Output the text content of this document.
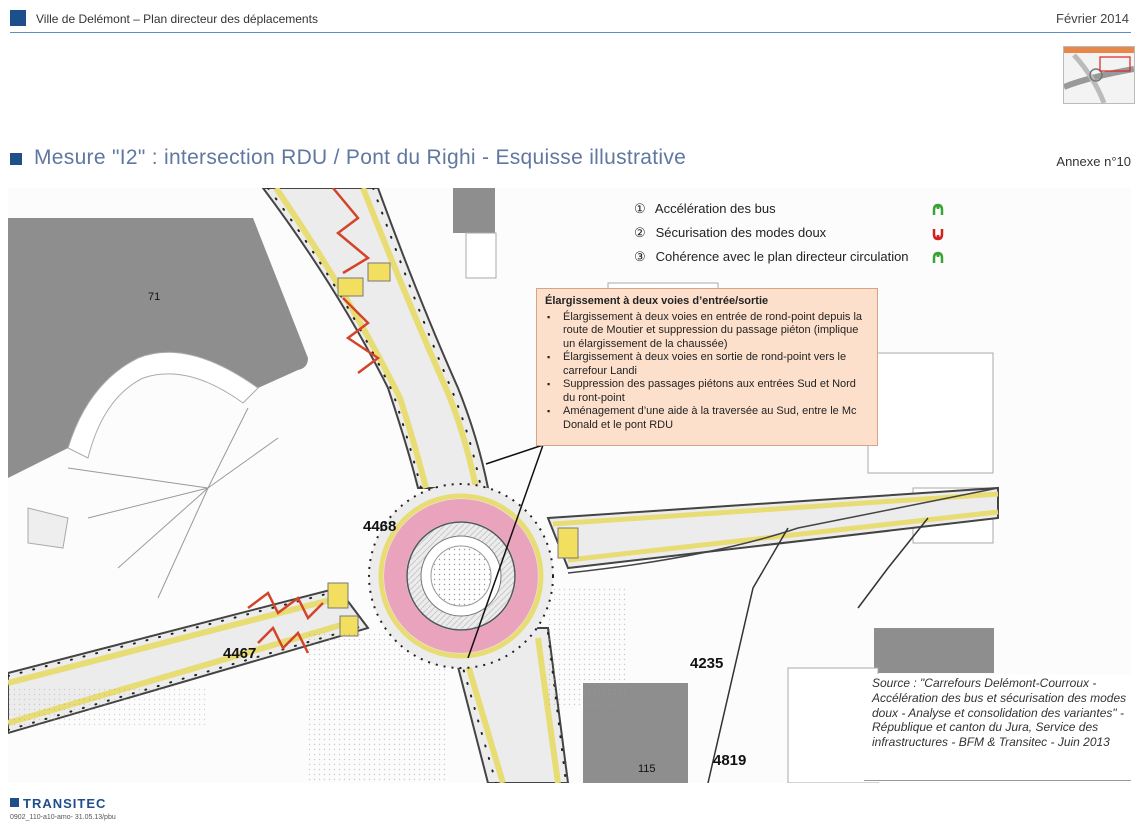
Ville de Delémont – Plan directeur des déplacements	Février 2014
Mesure "I2" : intersection RDU / Pont du Righi - Esquisse illustrative	Annexe n°10
71
4468
4467
4235
4819
115
① Accélération des bus
② Sécurisation des modes doux
③ Cohérence avec le plan directeur circulation
Élargissement à deux voies d’entrée/sortie
▪ Élargissement à deux voies en entrée de rond-point depuis la route de Moutier et suppression du passage piéton (implique un élargissement de la chaussée)
▪ Élargissement à deux voies en sortie de rond-point vers le carrefour Landi
▪ Suppression des passages piétons aux entrées Sud et Nord du ront-point
▪ Aménagement d’une aide à la traversée au Sud, entre le Mc Donald et le pont RDU
Source : "Carrefours Delémont-Courroux - Accélération des bus et sécurisation des modes doux - Analyse et consolidation des variantes" - République et canton du Jura, Service des infrastructures - BFM & Transitec - Juin 2013
TRANSITEC
0902_110-a10-amo- 31.05.13/pbu
